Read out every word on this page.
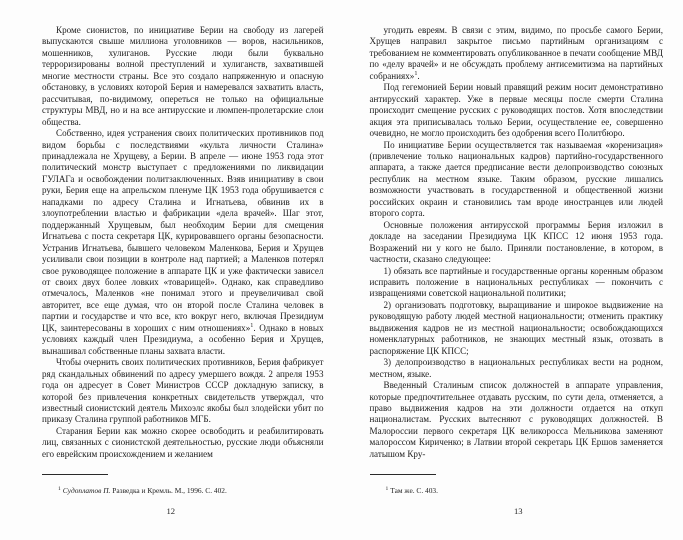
Кроме сионистов, по инициативе Берии на свободу из лагерей выпускаются свыше миллиона уголовников — воров, насильников, мошенников, хулиганов. Русские люди были буквально терроризированы волной преступлений и хулиганств, захватившей многие местности страны. Все это создало напряженную и опасную обстановку, в условиях которой Берия и намеревался захватить власть, рассчитывая, по-видимому, опереться не только на официальные структуры МВД, но и на все антирусские и люмпен-пролетарские слои общества.

Собственно, идея устранения своих политических противников под видом борьбы с последствиями «культа личности Сталина» принадлежала не Хрущеву, а Берии. В апреле — июне 1953 года этот политический монстр выступает с предложениями по ликвидации ГУЛАГа и освобождении политзаключенных. Взяв инициативу в свои руки, Берия еще на апрельском пленуме ЦК 1953 года обрушивается с нападками по адресу Сталина и Игнатьева, обвинив их в злоупотреблении властью и фабрикации «дела врачей». Шаг этот, поддержанный Хрущевым, был необходим Берии для смещения Игнатьева с поста секретаря ЦК, курировавшего органы безопасности. Устранив Игнатьева, бывшего человеком Маленкова, Берия и Хрущев усиливали свои позиции в контроле над партией; а Маленков потерял свое руководящее положение в аппарате ЦК и уже фактически зависел от своих двух более ловких «товарищей». Однако, как справедливо отмечалось, Маленков «не понимал этого и преувеличивал свой авторитет, все еще думая, что он второй после Сталина человек в партии и государстве и что все, кто вокруг него, включая Президиум ЦК, заинтересованы в хороших с ним отношениях»$^1$. Однако в новых условиях каждый член Президиума, а особенно Берия и Хрущев, вынашивал собственные планы захвата власти.

Чтобы очернить своих политических противников, Берия фабрикует ряд скандальных обвинений по адресу умершего вождя. 2 апреля 1953 года он адресует в Совет Министров СССР докладную записку, в которой без привлечения конкретных свидетельств утверждал, что известный сионистский деятель Михоэлс якобы был злодейски убит по приказу Сталина группой работников МГБ.

Старания Берии как можно скорее освободить и реабилитировать лиц, связанных с сионистской деятельностью, русские люди объясняли его еврейским происхождением и желанием

$^1$ Судоплатов П. Разведка и Кремль. М., 1996. С. 402.
12

угодить евреям. В связи с этим, видимо, по просьбе самого Берии, Хрущев направил закрытое письмо партийным организациям с требованием не комментировать опубликованное в печати сообщение МВД по «делу врачей» и не обсуждать проблему антисемитизма на партийных собраниях»$^1$.

Под гегемонией Берии новый правящий режим носит демонстративно антирусский характер. Уже в первые месяцы после смерти Сталина происходит смещение русских с руководящих постов. Хотя впоследствии акция эта приписывалась только Берии, осуществление ее, совершенно очевидно, не могло происходить без одобрения всего Политбюро.

По инициативе Берии осуществляется так называемая «коренизация» (привлечение только национальных кадров) партийно-государственного аппарата, а также дается предписание вести делопроизводство союзных республик на местном языке. Таким образом, русские лишались возможности участвовать в государственной и общественной жизни российских окраин и становились там вроде иностранцев или людей второго сорта.

Основные положения антирусской программы Берия изложил в докладе на заседании Президиума ЦК КПСС 12 июня 1953 года. Возражений ни у кого не было. Приняли постановление, в котором, в частности, сказано следующее:

1) обязать все партийные и государственные органы коренным образом исправить положение в национальных республиках — покончить с извращениями советской национальной политики;

2) организовать подготовку, выращивание и широкое выдвижение на руководящую работу людей местной национальности; отменить практику выдвижения кадров не из местной национальности; освобождающихся номенклатурных работников, не знающих местный язык, отозвать в распоряжение ЦК КПСС;

3) делопроизводство в национальных республиках вести на родном, местном, языке.

Введенный Сталиным список должностей в аппарате управления, которые предпочтительнее отдавать русским, по сути дела, отменяется, а право выдвижения кадров на эти должности отдается на откуп националистам. Русских вытесняют с руководящих должностей. В Малороссии первого секретаря ЦК великоросса Мельникова заменяют малороссом Кириченко; в Латвии второй секретарь ЦК Ершов заменяется латышом Кру-

$^1$ Там же. С. 403.
13
